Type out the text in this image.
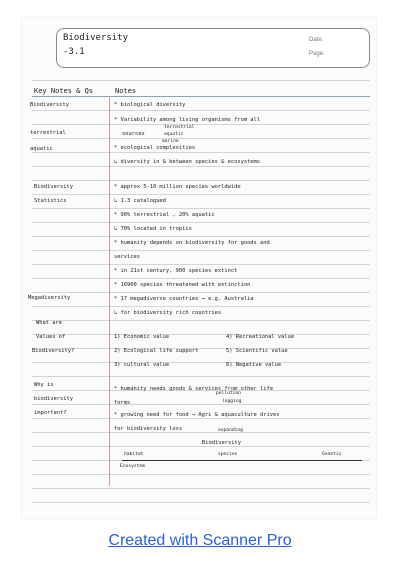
Biodiversity
-3.1
Date:
Page:
Key Notes & Qs	Notes
Biodiversity
terrestrial
aquatic
Biodiversity
Statistics
Megadiversity
What are
Values of
Biodiversity?
Why is
biodiversity
important?
* biological diversity
* Variability among living organisms from all
sources
terrestrial
aquatic
marine
* ecological complexities
↳ diversity in & between species & ecosystems
* approx 5-10 million species worldwide
↳ 1.3 catalogued
* 90% terrestrial , 20% aquatic
↳ 70% located in tropics
* humanity depends on biodiversity for goods and
services
* in 21st century, 900 species extinct
* 16900 species threatened with extinction
* 17 megadiverse countries → e.g. Australia
↳ for biodiversity rich countries
1) Economic value	4) Recreational value
2) Ecological life support	5) Scientific value
3) cultural value	6) Negative value
* humanity needs goods & services from other life
forms
pollution
logging
* growing need for food → Agri & aquaculture drives
for biodiversity loss	expanding
Biodiversity
habitat
Ecosystem
species	Genetic
Created with Scanner Pro
